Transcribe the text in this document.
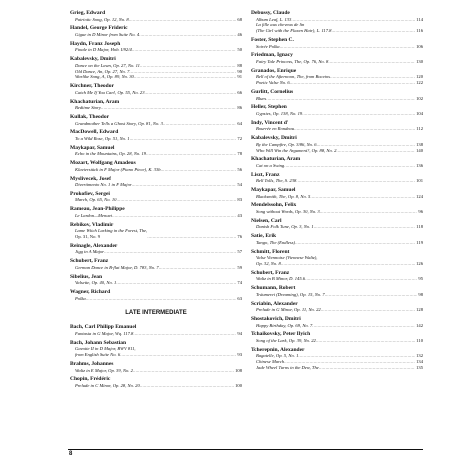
Grieg, Edward
Patriotic Song, Op. 12, No. 8 .....	68
Handel, George Frideric
Gigue in D Minor from Suite No. 4 .....	46
Haydn, Franz Joseph
Finale in D Major, Hob. I/92/4 .....	50
Kabalevsky, Dmitri
Dance on the Lawn, Op. 27, No. 11 .....	88
Old Dance, An, Op. 27, No. 7 .....	90
Warlike Song, A, Op. 89, No. 30 .....	91
Kirchner, Theodor
Catch Me If You Can!, Op. 55, No. 23 .....	66
Khachaturian, Aram
Bedtime Story .....	86
Kullak, Theodor
Grandmother Tells a Ghost Story, Op. 81, No. 3 .....	64
MacDowell, Edward
To a Wild Rose, Op. 51, No. 1 .....	72
Maykapar, Samuel
Echo in the Mountains, Op. 28, No. 19 .....	78
Mozart, Wolfgang Amadeus
Klavierstück in F Major (Piano Piece), K. 33b .....	56
Myslivecek, Josef
Divertimento No. 1 in F Major .....	54
Prokofiev, Sergei
March, Op. 65, No. 10 .....	83
Rameau, Jean-Philippe
Le Lardon—Menuet .....	43
Rebikov, Vladimir
Lame Witch Lurking in the Forest, The,
Op. 31, No. 9 .....	76
Reinagle, Alexander
Jigg in A Major .....	57
Schubert, Franz
German Dance in B-flat Major, D. 783, No. 7 .....	59
Sibelius, Jean
Valsette, Op. 40, No. 1 .....	74
Wagner, Richard
Polka .....	63
LATE INTERMEDIATE
Bach, Carl Philipp Emanuel
Fantasia in G Major, Wq. 117.8 .....	94
Bach, Johann Sebastian
Gavotte II in D Major, BWV 811,
from English Suite No. 6 .....	93
Brahms, Johannes
Waltz in E Major, Op. 39, No. 2 .....	108
Chopin, Frédéric
Prelude in C Minor, Op. 28, No. 20 .....	100
Debussy, Claude
Album Leaf, L. 133 .....	114
La fille aux cheveux de lin
(The Girl with the Flaxen Hair), L. 117.8 .....	116
Foster, Stephen C.
Soirée Polka .....	106
Friedman, Ignacy
Fairy Tale Princess, The, Op. 76, No. 8 .....	130
Granados, Enrique
Bell of the Afternoon, The, from Bocetos .....	120
Poetic Valse No. 6 .....	122
Gurlitt, Cornelius
Blues .....	102
Heller, Stephen
Gypsies, Op. 138, No. 19 .....	104
Indy, Vincent d'
Bourrée en Rondeau .....	112
Kabalevsky, Dmitri
By the Campfire, Op. 3/86, No. 6 .....	138
Who Will Win the Argument?, Op. 88, No. 2 .....	140
Khachaturian, Aram
Cat on a Swing .....	136
Liszt, Franz
Bell Tolls, The, S. 238 .....	101
Maykapar, Samuel
Blacksmith, The, Op. 8, No. 5 .....	124
Mendelssohn, Felix
Song without Words, Op. 30, No. 3 .....	96
Nielsen, Carl
Danish Folk Tune, Op. 3, No. 1 .....	118
Satie, Erik
Tango, The (Endless) .....	119
Schmitt, Florent
Valse Viennoise (Viennese Waltz),
Op. 32, No. 8 .....	126
Schubert, Franz
Waltz in B Minor, D. 145.6 .....	95
Schumann, Robert
Träumerei (Dreaming), Op. 15, No. 7 .....	98
Scriabin, Alexander
Prelude in G Minor, Op. 11, No. 22 .....	128
Shostakovich, Dmitri
Happy Birthday, Op. 69, No. 7 .....	142
Tchaikovsky, Peter Ilyich
Song of the Lark, Op. 39, No. 22 .....	110
Tcherepnin, Alexander
Bagatelle, Op. 5, No. 1 .....	132
Chinese March .....	134
Jade Wheel Turns in the Dew, The .....	135
8
